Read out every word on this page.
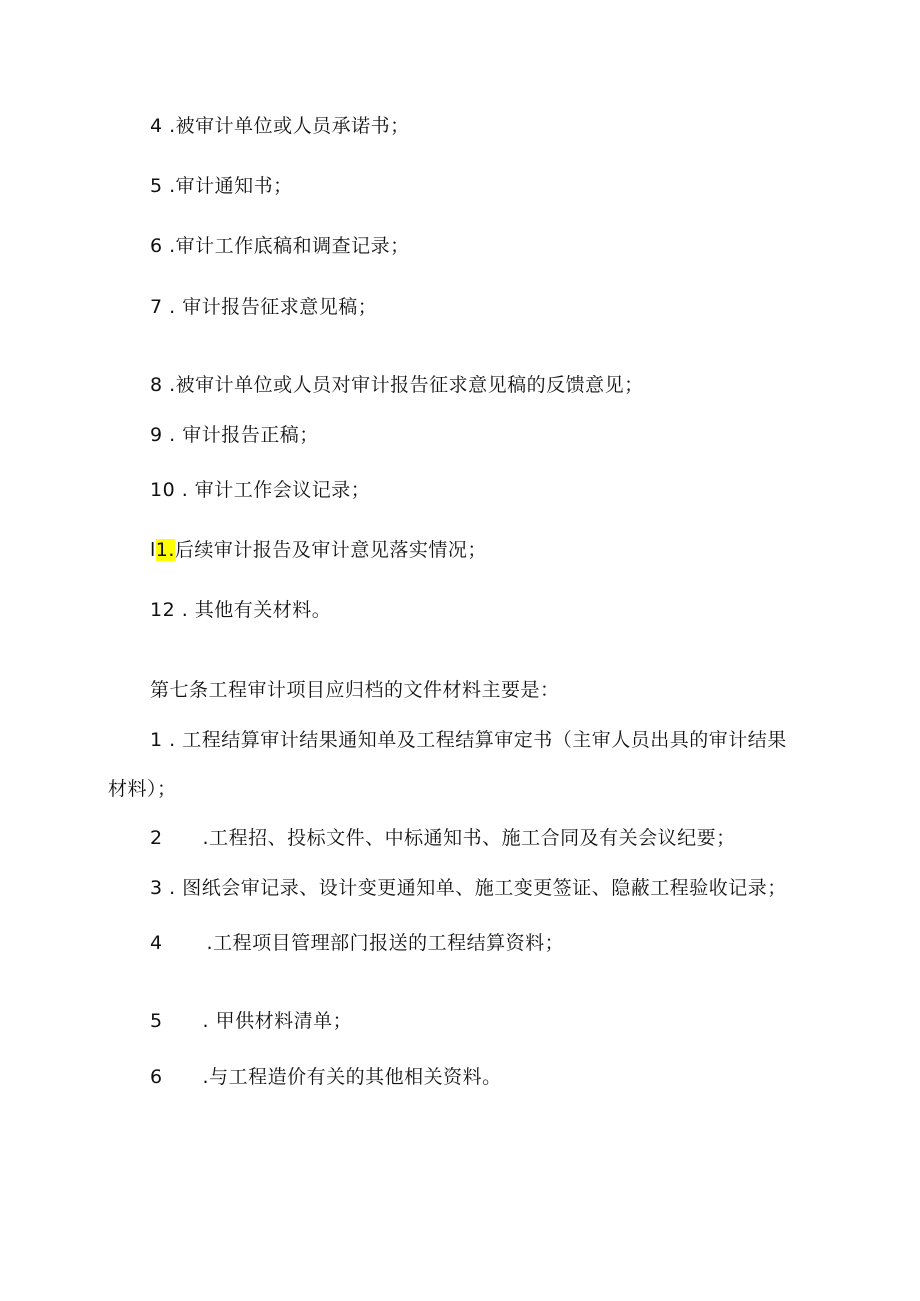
4 .被审计单位或人员承诺书；
5 .审计通知书；
6 .审计工作底稿和调查记录；
7 . 审计报告征求意见稿；
8 .被审计单位或人员对审计报告征求意见稿的反馈意见；
9 . 审计报告正稿；
10 . 审计工作会议记录；
l1.后续审计报告及审计意见落实情况；
12 . 其他有关材料。
第七条工程审计项目应归档的文件材料主要是：
1 . 工程结算审计结果通知单及工程结算审定书（主审人员出具的审计结果
材料）；
2 .工程招、投标文件、中标通知书、施工合同及有关会议纪要；
3 . 图纸会审记录、设计变更通知单、施工变更签证、隐蔽工程验收记录；
4 .工程项目管理部门报送的工程结算资料；
5 . 甲供材料清单；
6 .与工程造价有关的其他相关资料。
